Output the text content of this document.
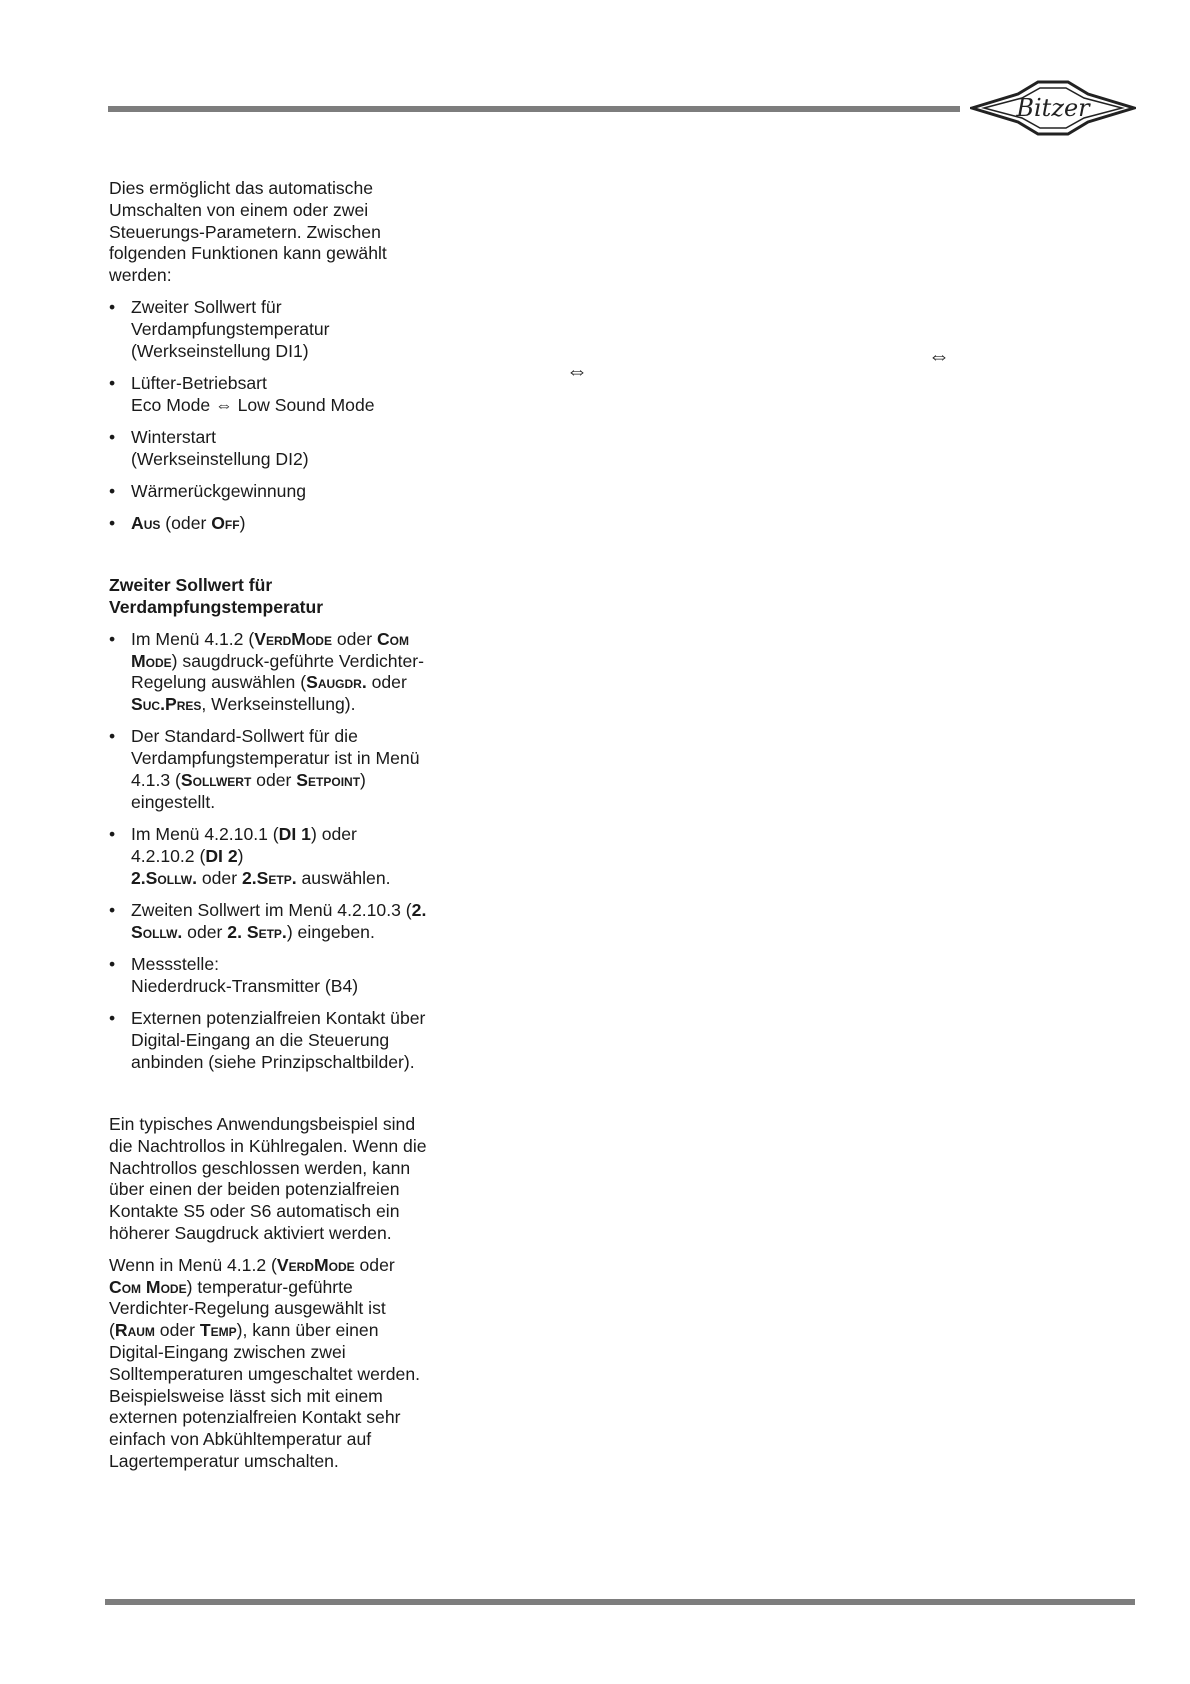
Bitzer
⇔
⇔

Dies ermöglicht das automatische Umschalten von einem oder zwei Steuerungs-Parametern. Zwischen folgenden Funktionen kann gewählt werden:

• Zweiter Sollwert für Verdampfungstemperatur
(Werkseinstellung DI1)
• Lüfter-Betriebsart
Eco Mode ⇔ Low Sound Mode
• Winterstart
(Werkseinstellung DI2)
• Wärmerückgewinnung
• Aus (oder Off)
Zweiter Sollwert für Verdampfungstemperatur
• Im Menü 4.1.2 (VerdMode oder Com Mode) saugdruck-geführte Verdichter-Regelung auswählen (Saugdr. oder Suc.Pres, Werkseinstellung).
• Der Standard-Sollwert für die Verdampfungstemperatur ist in Menü 4.1.3 (Sollwert oder Setpoint) eingestellt.
• Im Menü 4.2.10.1 (DI 1) oder
4.2.10.2 (DI 2)
2.Sollw. oder 2.Setp. auswählen.
• Zweiten Sollwert im Menü 4.2.10.3 (2. Sollw. oder 2. Setp.) eingeben.
• Messstelle:
Niederdruck-Transmitter (B4)
• Externen potenzialfreien Kontakt über Digital-Eingang an die Steuerung anbinden (siehe Prinzipschaltbilder).

Ein typisches Anwendungsbeispiel sind die Nachtrollos in Kühlregalen. Wenn die Nachtrollos geschlossen werden, kann über einen der beiden potenzialfreien Kontakte S5 oder S6 automatisch ein höherer Saugdruck aktiviert werden.

Wenn in Menü 4.1.2 (VerdMode oder Com Mode) temperatur-geführte Verdichter-Regelung ausgewählt ist (Raum oder Temp), kann über einen Digital-Eingang zwischen zwei Solltemperaturen umgeschaltet werden. Beispielsweise lässt sich mit einem externen potenzialfreien Kontakt sehr einfach von Abkühltemperatur auf Lagertemperatur umschalten.
